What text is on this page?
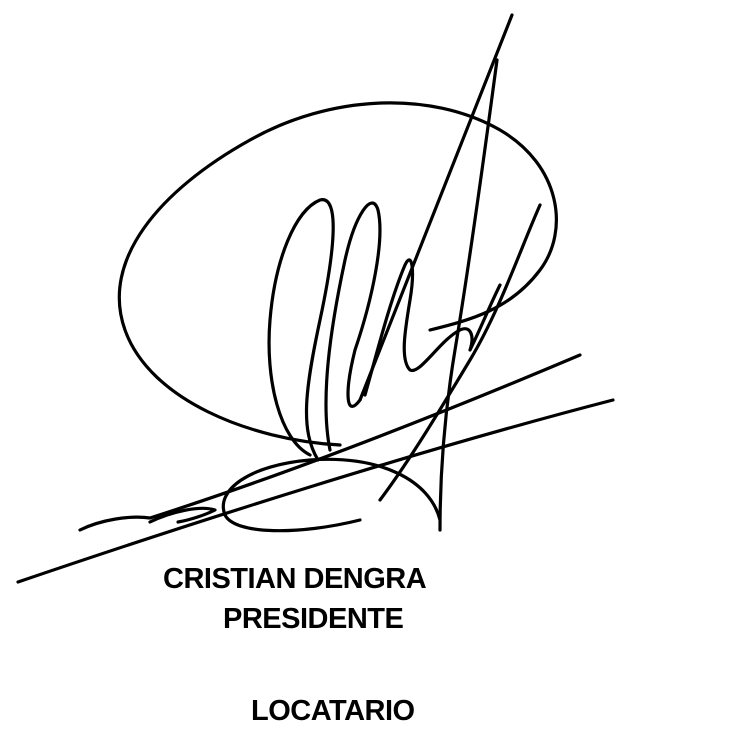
CRISTIAN DENGRA
PRESIDENTE
LOCATARIO
